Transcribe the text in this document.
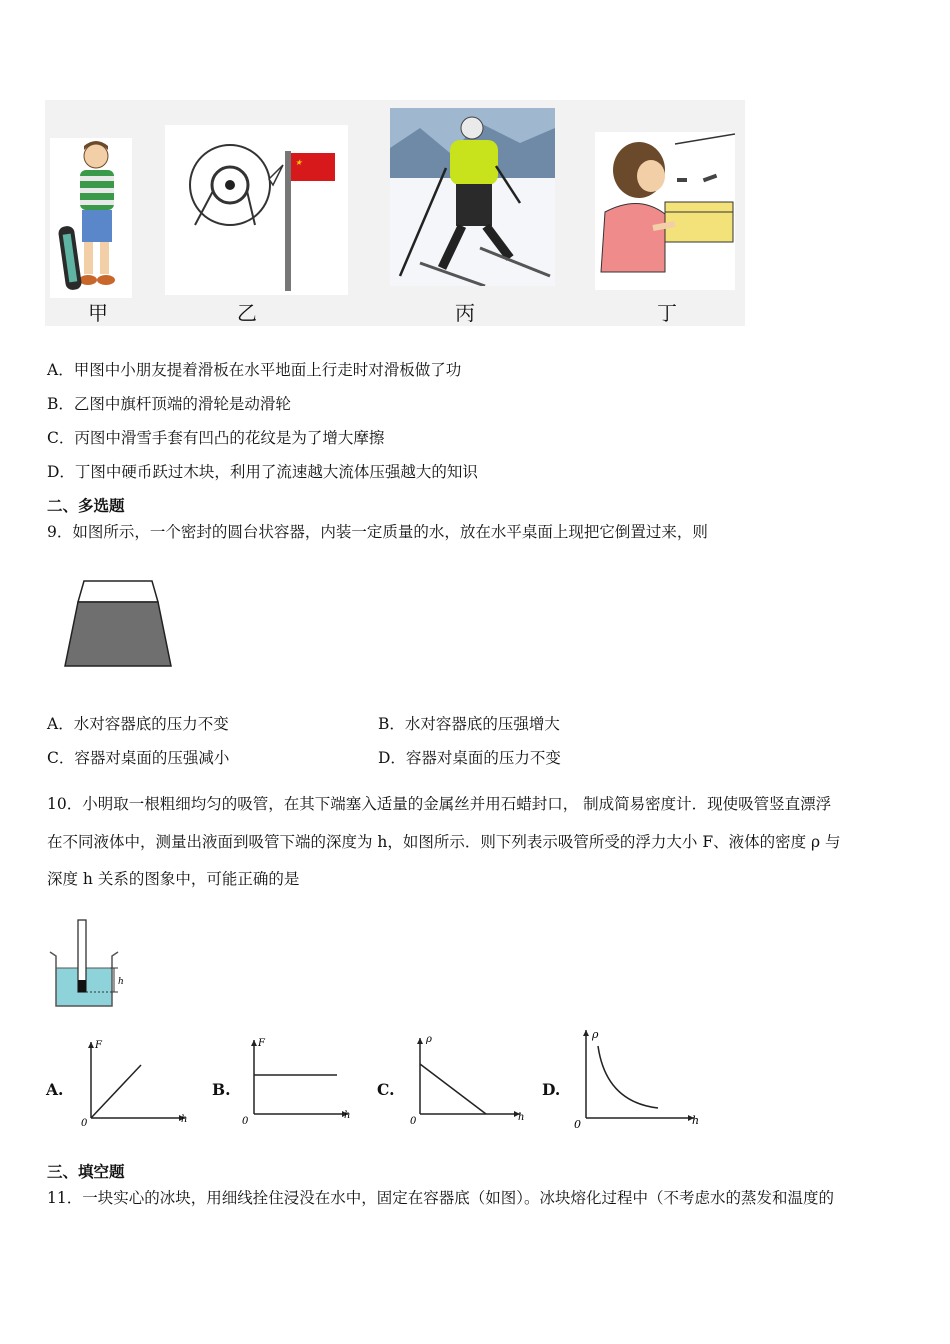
★
甲	乙	丙	丁
A．甲图中小朋友提着滑板在水平地面上行走时对滑板做了功
B．乙图中旗杆顶端的滑轮是动滑轮
C．丙图中滑雪手套有凹凸的花纹是为了增大摩擦
D．丁图中硬币跃过木块，利用了流速越大流体压强越大的知识
二、多选题
9．如图所示，一个密封的圆台状容器，内装一定质量的水，放在水平桌面上现把它倒置过来，则
A．水对容器底的压力不变	B．水对容器底的压强增大
C．容器对桌面的压强减小	D．容器对桌面的压力不变
10．小明取一根粗细均匀的吸管，在其下端塞入适量的金属丝并用石蜡封口， 制成简易密度计．现使吸管竖直漂浮
在不同液体中，测量出液面到吸管下端的深度为 h，如图所示．则下列表示吸管所受的浮力大小 F、液体的密度 ρ 与
深度 h 关系的图象中，可能正确的是
h
A.
F
h
0
B.
F
h
0
C.
ρ
h
0
D.
ρ
h
0
三、填空题
11．一块实心的冰块，用细线拴住浸没在水中，固定在容器底（如图）。冰块熔化过程中（不考虑水的蒸发和温度的
